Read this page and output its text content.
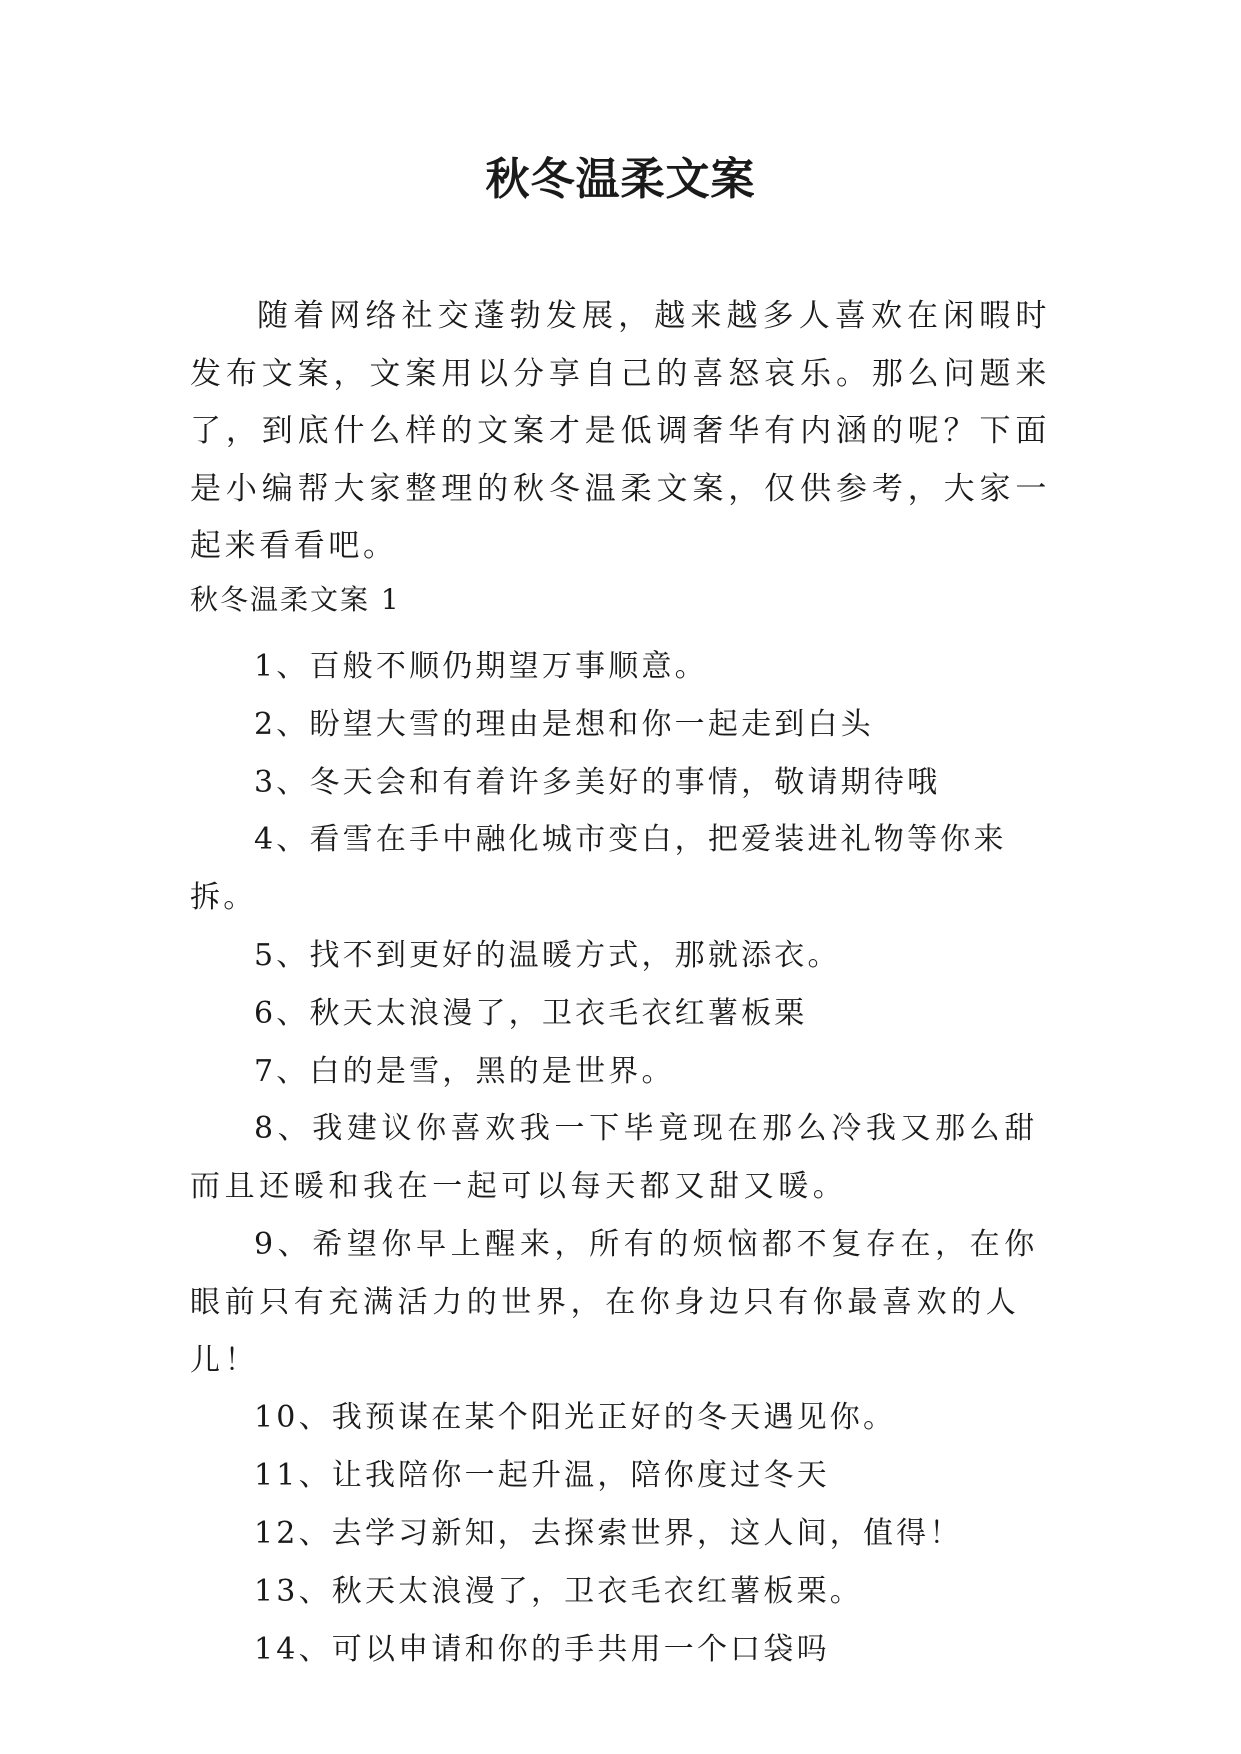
秋冬温柔文案
随着网络社交蓬勃发展，越来越多人喜欢在闲暇时发布文案，文案用以分享自己的喜怒哀乐。那么问题来了，到底什么样的文案才是低调奢华有内涵的呢？下面是小编帮大家整理的秋冬温柔文案，仅供参考，大家一起来看看吧。
秋冬温柔文案 1
1、百般不顺仍期望万事顺意。
2、盼望大雪的理由是想和你一起走到白头
3、冬天会和有着许多美好的事情，敬请期待哦
4、看雪在手中融化城市变白，把爱装进礼物等你来拆。
5、找不到更好的温暖方式，那就添衣。
6、秋天太浪漫了，卫衣毛衣红薯板栗
7、白的是雪，黑的是世界。
8、我建议你喜欢我一下毕竟现在那么冷我又那么甜而且还暖和我在一起可以每天都又甜又暖。
9、希望你早上醒来，所有的烦恼都不复存在，在你眼前只有充满活力的世界，在你身边只有你最喜欢的人儿！
10、我预谋在某个阳光正好的冬天遇见你。
11、让我陪你一起升温，陪你度过冬天
12、去学习新知，去探索世界，这人间，值得！
13、秋天太浪漫了，卫衣毛衣红薯板栗。
14、可以申请和你的手共用一个口袋吗
